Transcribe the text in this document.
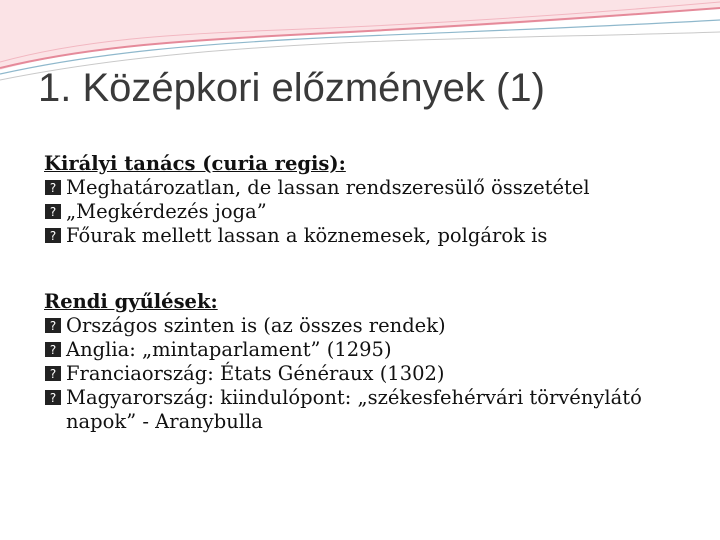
1. Középkori előzmények (1)
Királyi tanács (curia regis):
? Meghatározatlan, de lassan rendszeresülő összetétel
? „Megkérdezés joga”
? Főurak mellett lassan a köznemesek, polgárok is
Rendi gyűlések:
? Országos szinten is (az összes rendek)
? Anglia: „mintaparlament” (1295)
? Franciaország: États Généraux (1302)
? Magyarország: kiindulópont: „székesfehérvári törvénylátó napok” - Aranybulla
